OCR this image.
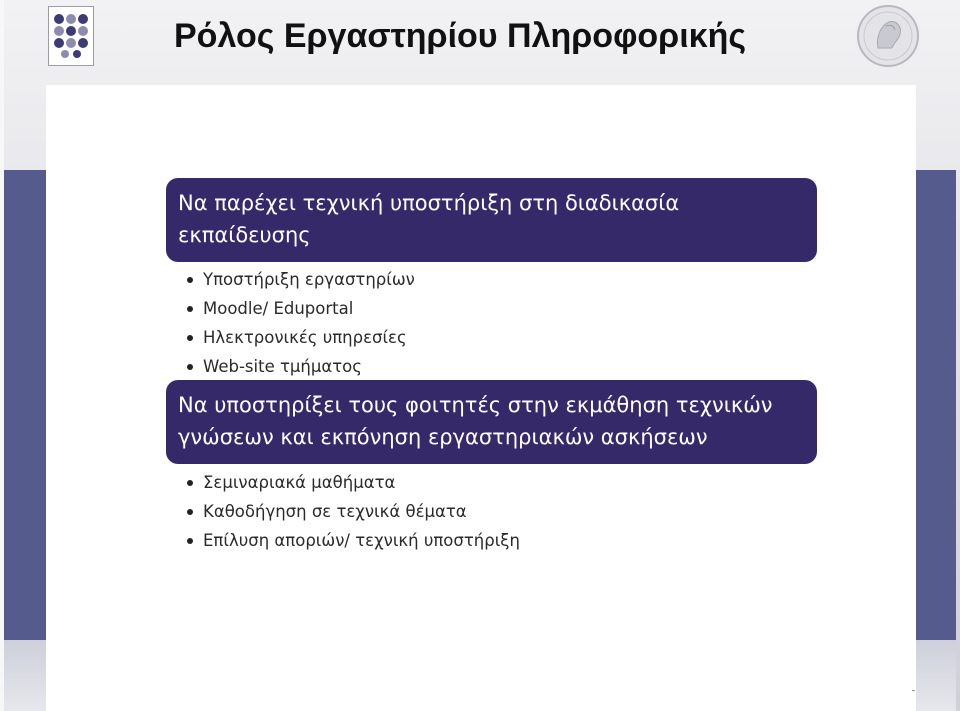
Ρόλος Εργαστηρίου Πληροφορικής
Να παρέχει τεχνική υποστήριξη στη διαδικασία εκπαίδευσης
Υποστήριξη εργαστηρίων
Moodle/ Eduportal
Ηλεκτρονικές υπηρεσίες
Web-site τμήματος
Να υποστηρίξει τους φοιτητές στην εκμάθηση τεχνικών γνώσεων και εκπόνηση εργαστηριακών ασκήσεων
Σεμιναριακά μαθήματα
Καθοδήγηση σε τεχνικά θέματα
Επίλυση αποριών/ τεχνική υποστήριξη
